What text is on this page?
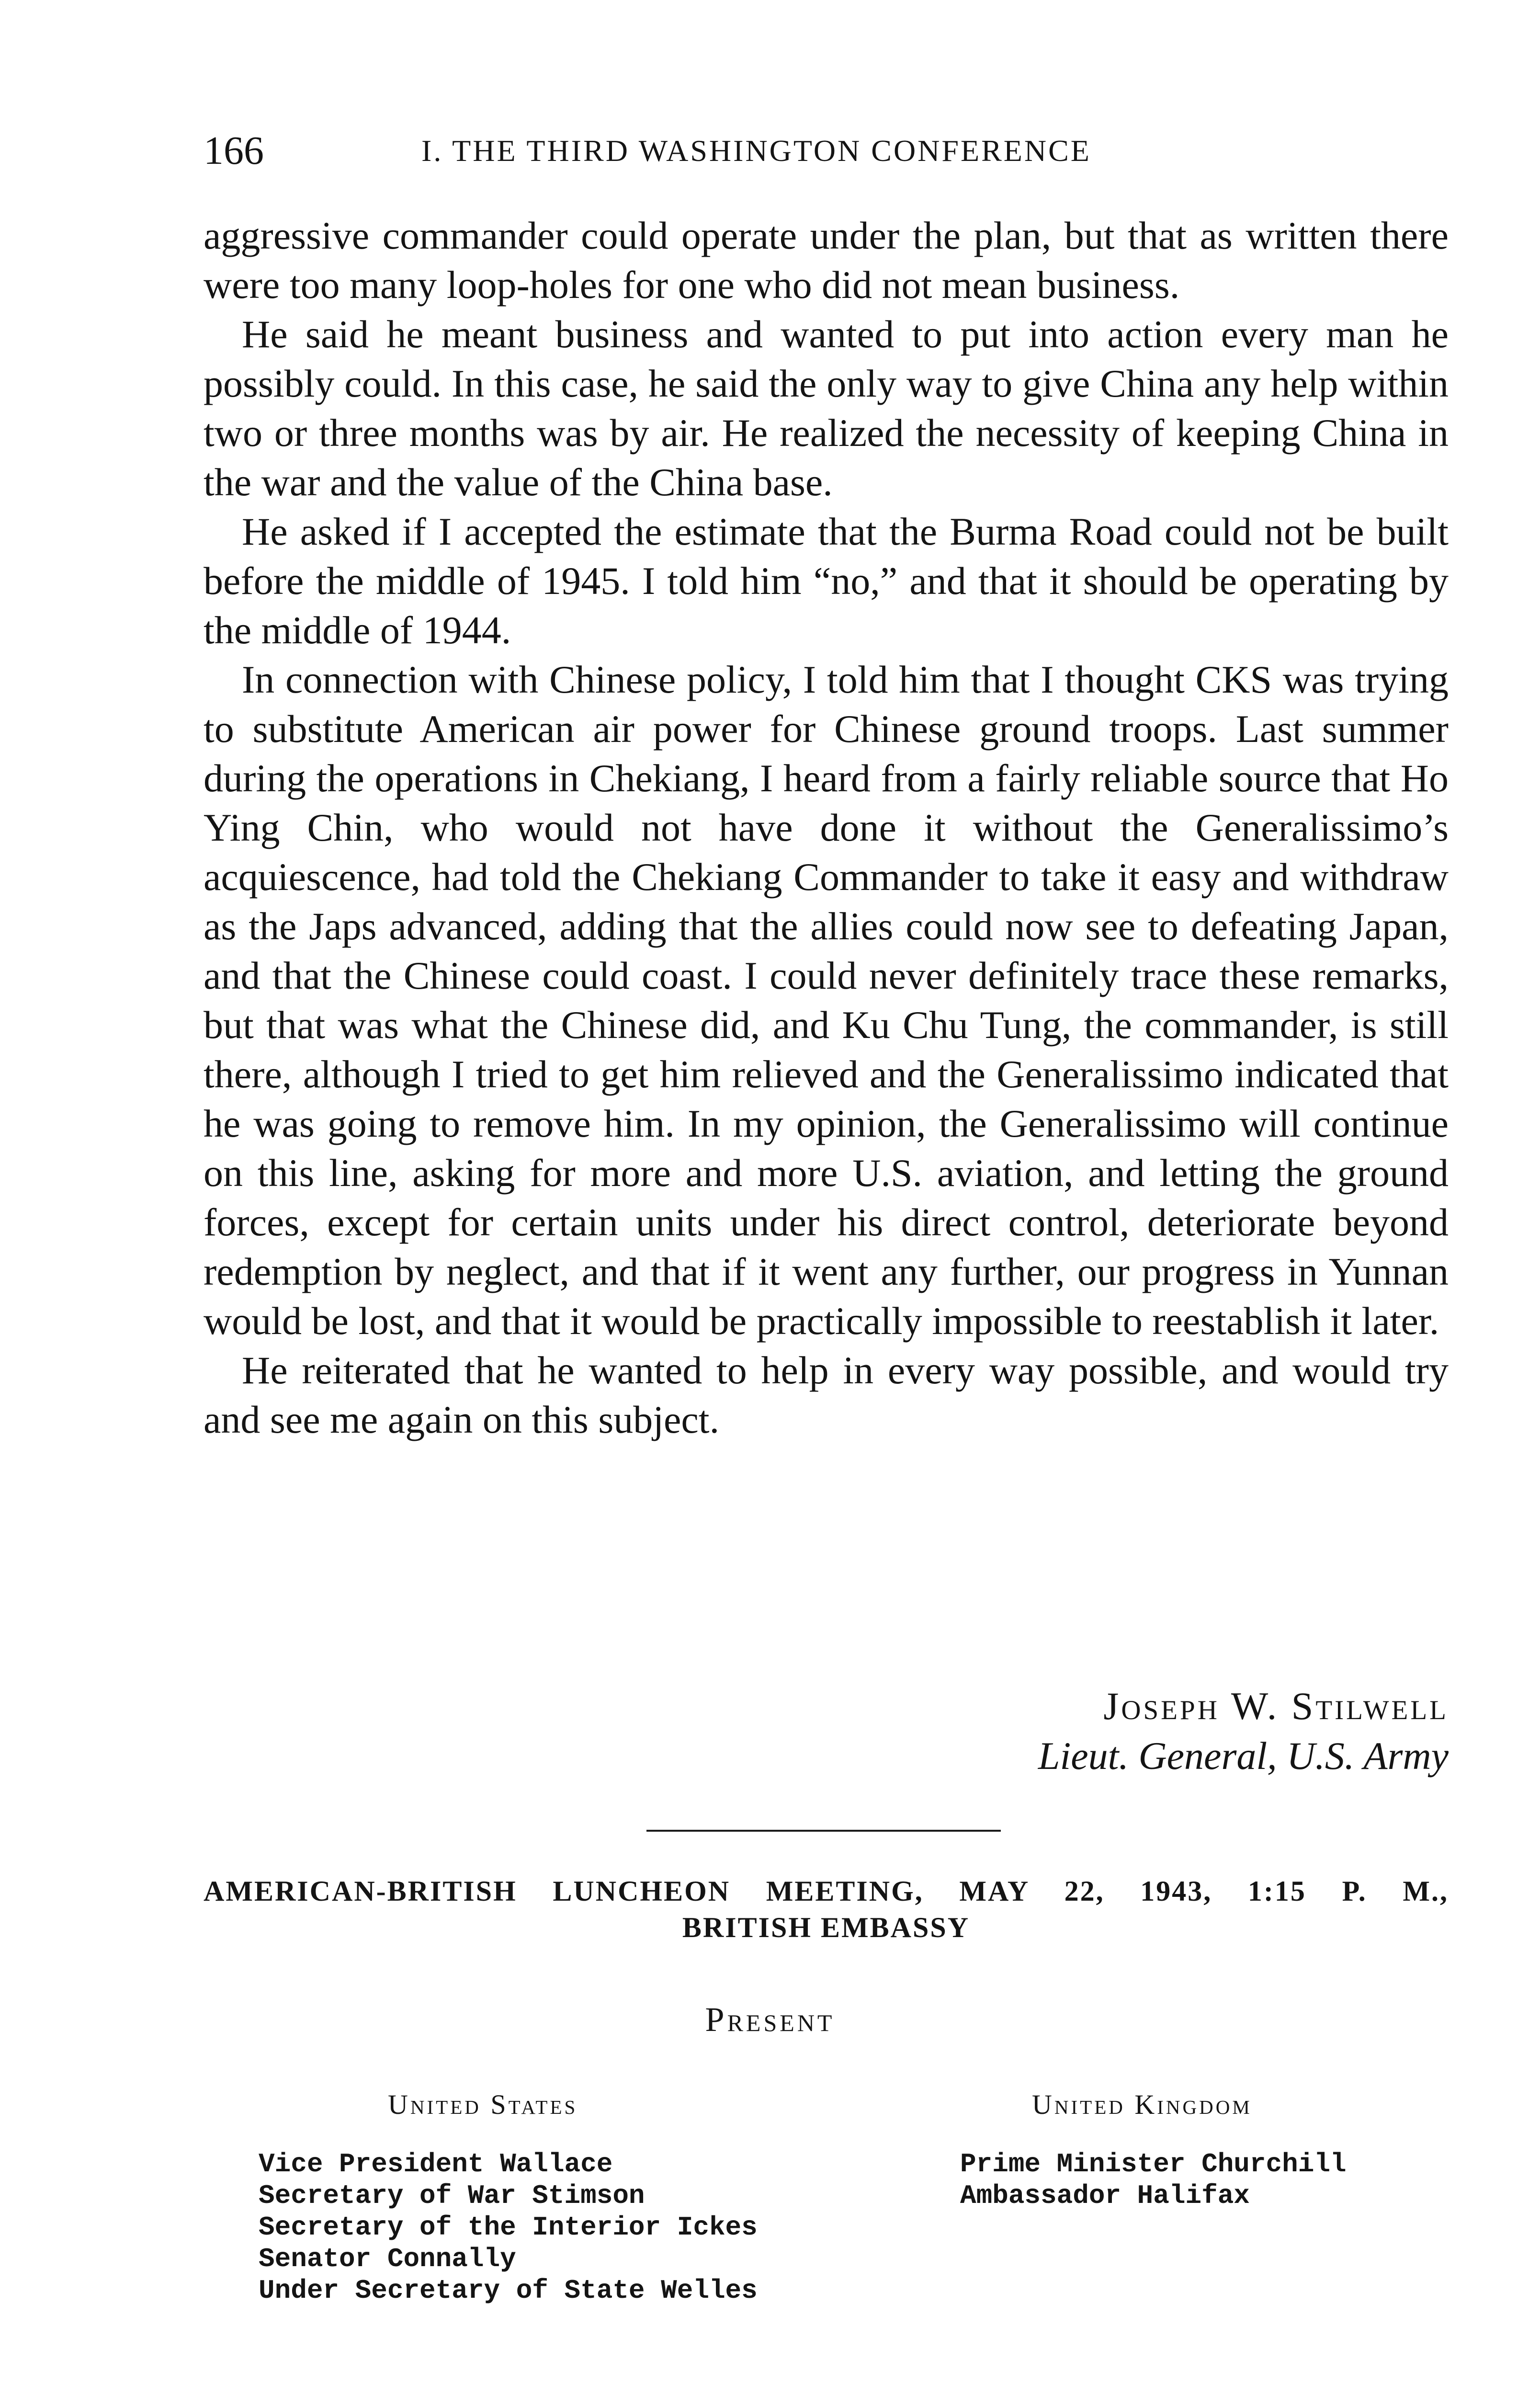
166	I. THE THIRD WASHINGTON CONFERENCE

aggressive commander could operate under the plan, but that as written there were too many loop-holes for one who did not mean business.

He said he meant business and wanted to put into action every man he possibly could. In this case, he said the only way to give China any help within two or three months was by air. He realized the necessity of keeping China in the war and the value of the China base.

He asked if I accepted the estimate that the Burma Road could not be built before the middle of 1945. I told him “no,” and that it should be operating by the middle of 1944.

In connection with Chinese policy, I told him that I thought CKS was trying to substitute American air power for Chinese ground troops. Last summer during the operations in Chekiang, I heard from a fairly reliable source that Ho Ying Chin, who would not have done it without the Generalissimo’s acquiescence, had told the Chekiang Commander to take it easy and withdraw as the Japs advanced, adding that the allies could now see to defeating Japan, and that the Chinese could coast. I could never definitely trace these remarks, but that was what the Chinese did, and Ku Chu Tung, the commander, is still there, although I tried to get him relieved and the Generalissimo indicated that he was going to remove him. In my opinion, the Generalissimo will continue on this line, asking for more and more U.S. aviation, and letting the ground forces, except for certain units under his direct control, deteriorate beyond redemption by neglect, and that if it went any further, our progress in Yunnan would be lost, and that it would be practically impossible to reestablish it later.

He reiterated that he wanted to help in every way possible, and would try and see me again on this subject.

Joseph W. Stilwell
Lieut. General, U.S. Army
AMERICAN-BRITISH LUNCHEON MEETING, MAY 22, 1943, 1:15 P. M.,
BRITISH EMBASSY
Present
United States	United Kingdom
Vice President Wallace
Secretary of War Stimson
Secretary of the Interior Ickes
Senator Connally
Under Secretary of State Welles
Prime Minister Churchill
Ambassador Halifax
